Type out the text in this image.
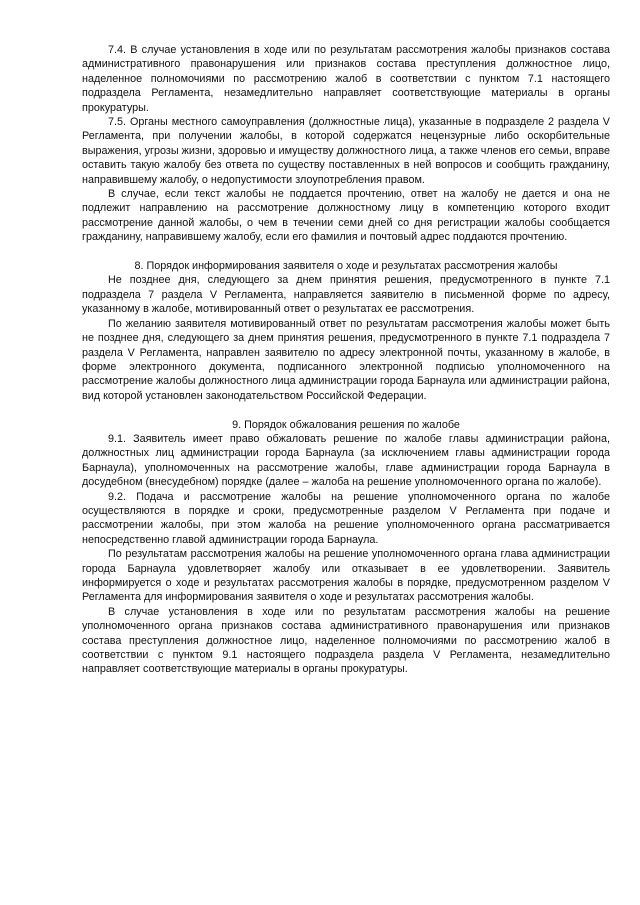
7.4. В случае установления в ходе или по результатам рассмотрения жалобы признаков состава административного правонарушения или признаков состава преступления должностное лицо, наделенное полномочиями по рассмотрению жалоб в соответствии с пунктом 7.1 настоящего подраздела Регламента, незамедлительно направляет соответствующие материалы в органы прокуратуры.

7.5. Органы местного самоуправления (должностные лица), указанные в подразделе 2 раздела V Регламента, при получении жалобы, в которой содержатся нецензурные либо оскорбительные выражения, угрозы жизни, здоровью и имуществу должностного лица, а также членов его семьи, вправе оставить такую жалобу без ответа по существу поставленных в ней вопросов и сообщить гражданину, направившему жалобу, о недопустимости злоупотребления правом.

В случае, если текст жалобы не поддается прочтению, ответ на жалобу не дается и она не подлежит направлению на рассмотрение должностному лицу в компетенцию которого входит рассмотрение данной жалобы, о чем в течении семи дней со дня регистрации жалобы сообщается гражданину, направившему жалобу, если его фамилия и почтовый адрес поддаются прочтению.

8. Порядок информирования заявителя о ходе и результатах рассмотрения жалобы

Не позднее дня, следующего за днем принятия решения, предусмотренного в пункте 7.1 подраздела 7 раздела V Регламента, направляется заявителю в письменной форме по адресу, указанному в жалобе, мотивированный ответ о результатах ее рассмотрения.

По желанию заявителя мотивированный ответ по результатам рассмотрения жалобы может быть не позднее дня, следующего за днем принятия решения, предусмотренного в пункте 7.1 подраздела 7 раздела V Регламента, направлен заявителю по адресу электронной почты, указанному в жалобе, в форме электронного документа, подписанного электронной подписью уполномоченного на рассмотрение жалобы должностного лица администрации города Барнаула или администрации района, вид которой установлен законодательством Российской Федерации.

9. Порядок обжалования решения по жалобе

9.1. Заявитель имеет право обжаловать решение по жалобе главы администрации района, должностных лиц администрации города Барнаула (за исключением главы администрации города Барнаула), уполномоченных на рассмотрение жалобы, главе администрации города Барнаула в досудебном (внесудебном) порядке (далее – жалоба на решение уполномоченного органа по жалобе).

9.2. Подача и рассмотрение жалобы на решение уполномоченного органа по жалобе осуществляются в порядке и сроки, предусмотренные разделом V Регламента при подаче и рассмотрении жалобы, при этом жалоба на решение уполномоченного органа рассматривается непосредственно главой администрации города Барнаула.

По результатам рассмотрения жалобы на решение уполномоченного органа глава администрации города Барнаула удовлетворяет жалобу или отказывает в ее удовлетворении. Заявитель информируется о ходе и результатах рассмотрения жалобы в порядке, предусмотренном разделом V Регламента для информирования заявителя о ходе и результатах рассмотрения жалобы.

В случае установления в ходе или по результатам рассмотрения жалобы на решение уполномоченного органа признаков состава административного правонарушения или признаков состава преступления должностное лицо, наделенное полномочиями по рассмотрению жалоб в соответствии с пунктом 9.1 настоящего подраздела раздела V Регламента, незамедлительно направляет соответствующие материалы в органы прокуратуры.
